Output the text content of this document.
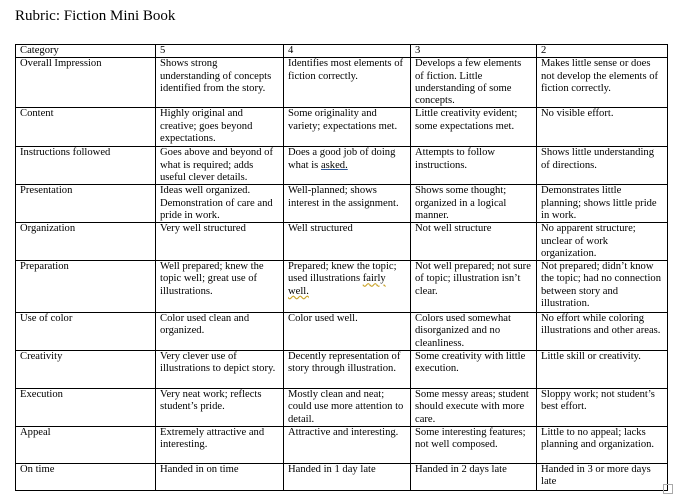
Rubric: Fiction Mini Book
Category	5	4	3	2
Overall Impression	Shows strong understanding of concepts identified from the story.	Identifies most elements of fiction correctly.	Develops a few elements of fiction. Little understanding of some concepts.	Makes little sense or does not develop the elements of fiction correctly.
Content	Highly original and creative; goes beyond expectations.	Some originality and variety; expectations met.	Little creativity evident; some expectations met.	No visible effort.
Instructions followed	Goes above and beyond of what is required; adds useful clever details.	Does a good job of doing what is asked.	Attempts to follow instructions.	Shows little understanding of directions.
Presentation	Ideas well organized. Demonstration of care and pride in work.	Well-planned; shows interest in the assignment.	Shows some thought; organized in a logical manner.	Demonstrates little planning; shows little pride in work.
Organization	Very well structured	Well structured	Not well structure	No apparent structure; unclear of work organization.
Preparation	Well prepared; knew the topic well; great use of illustrations.	Prepared; knew the topic; used illustrations fairly well.	Not well prepared; not sure of topic; illustration isn’t clear.	Not prepared; didn’t know the topic; had no connection between story and illustration.
Use of color	Color used clean and organized.	Color used well.	Colors used somewhat disorganized and no cleanliness.	No effort while coloring illustrations and other areas.
Creativity	Very clever use of illustrations to depict story.	Decently representation of story through illustration.	Some creativity with little execution.	Little skill or creativity.
Execution	Very neat work; reflects student’s pride.	Mostly clean and neat; could use more attention to detail.	Some messy areas; student should execute with more care.	Sloppy work; not student’s best effort.
Appeal	Extremely attractive and interesting.	Attractive and interesting.	Some interesting features; not well composed.	Little to no appeal; lacks planning and organization.
On time	Handed in on time	Handed in 1 day late	Handed in 2 days late	Handed in 3 or more days late
